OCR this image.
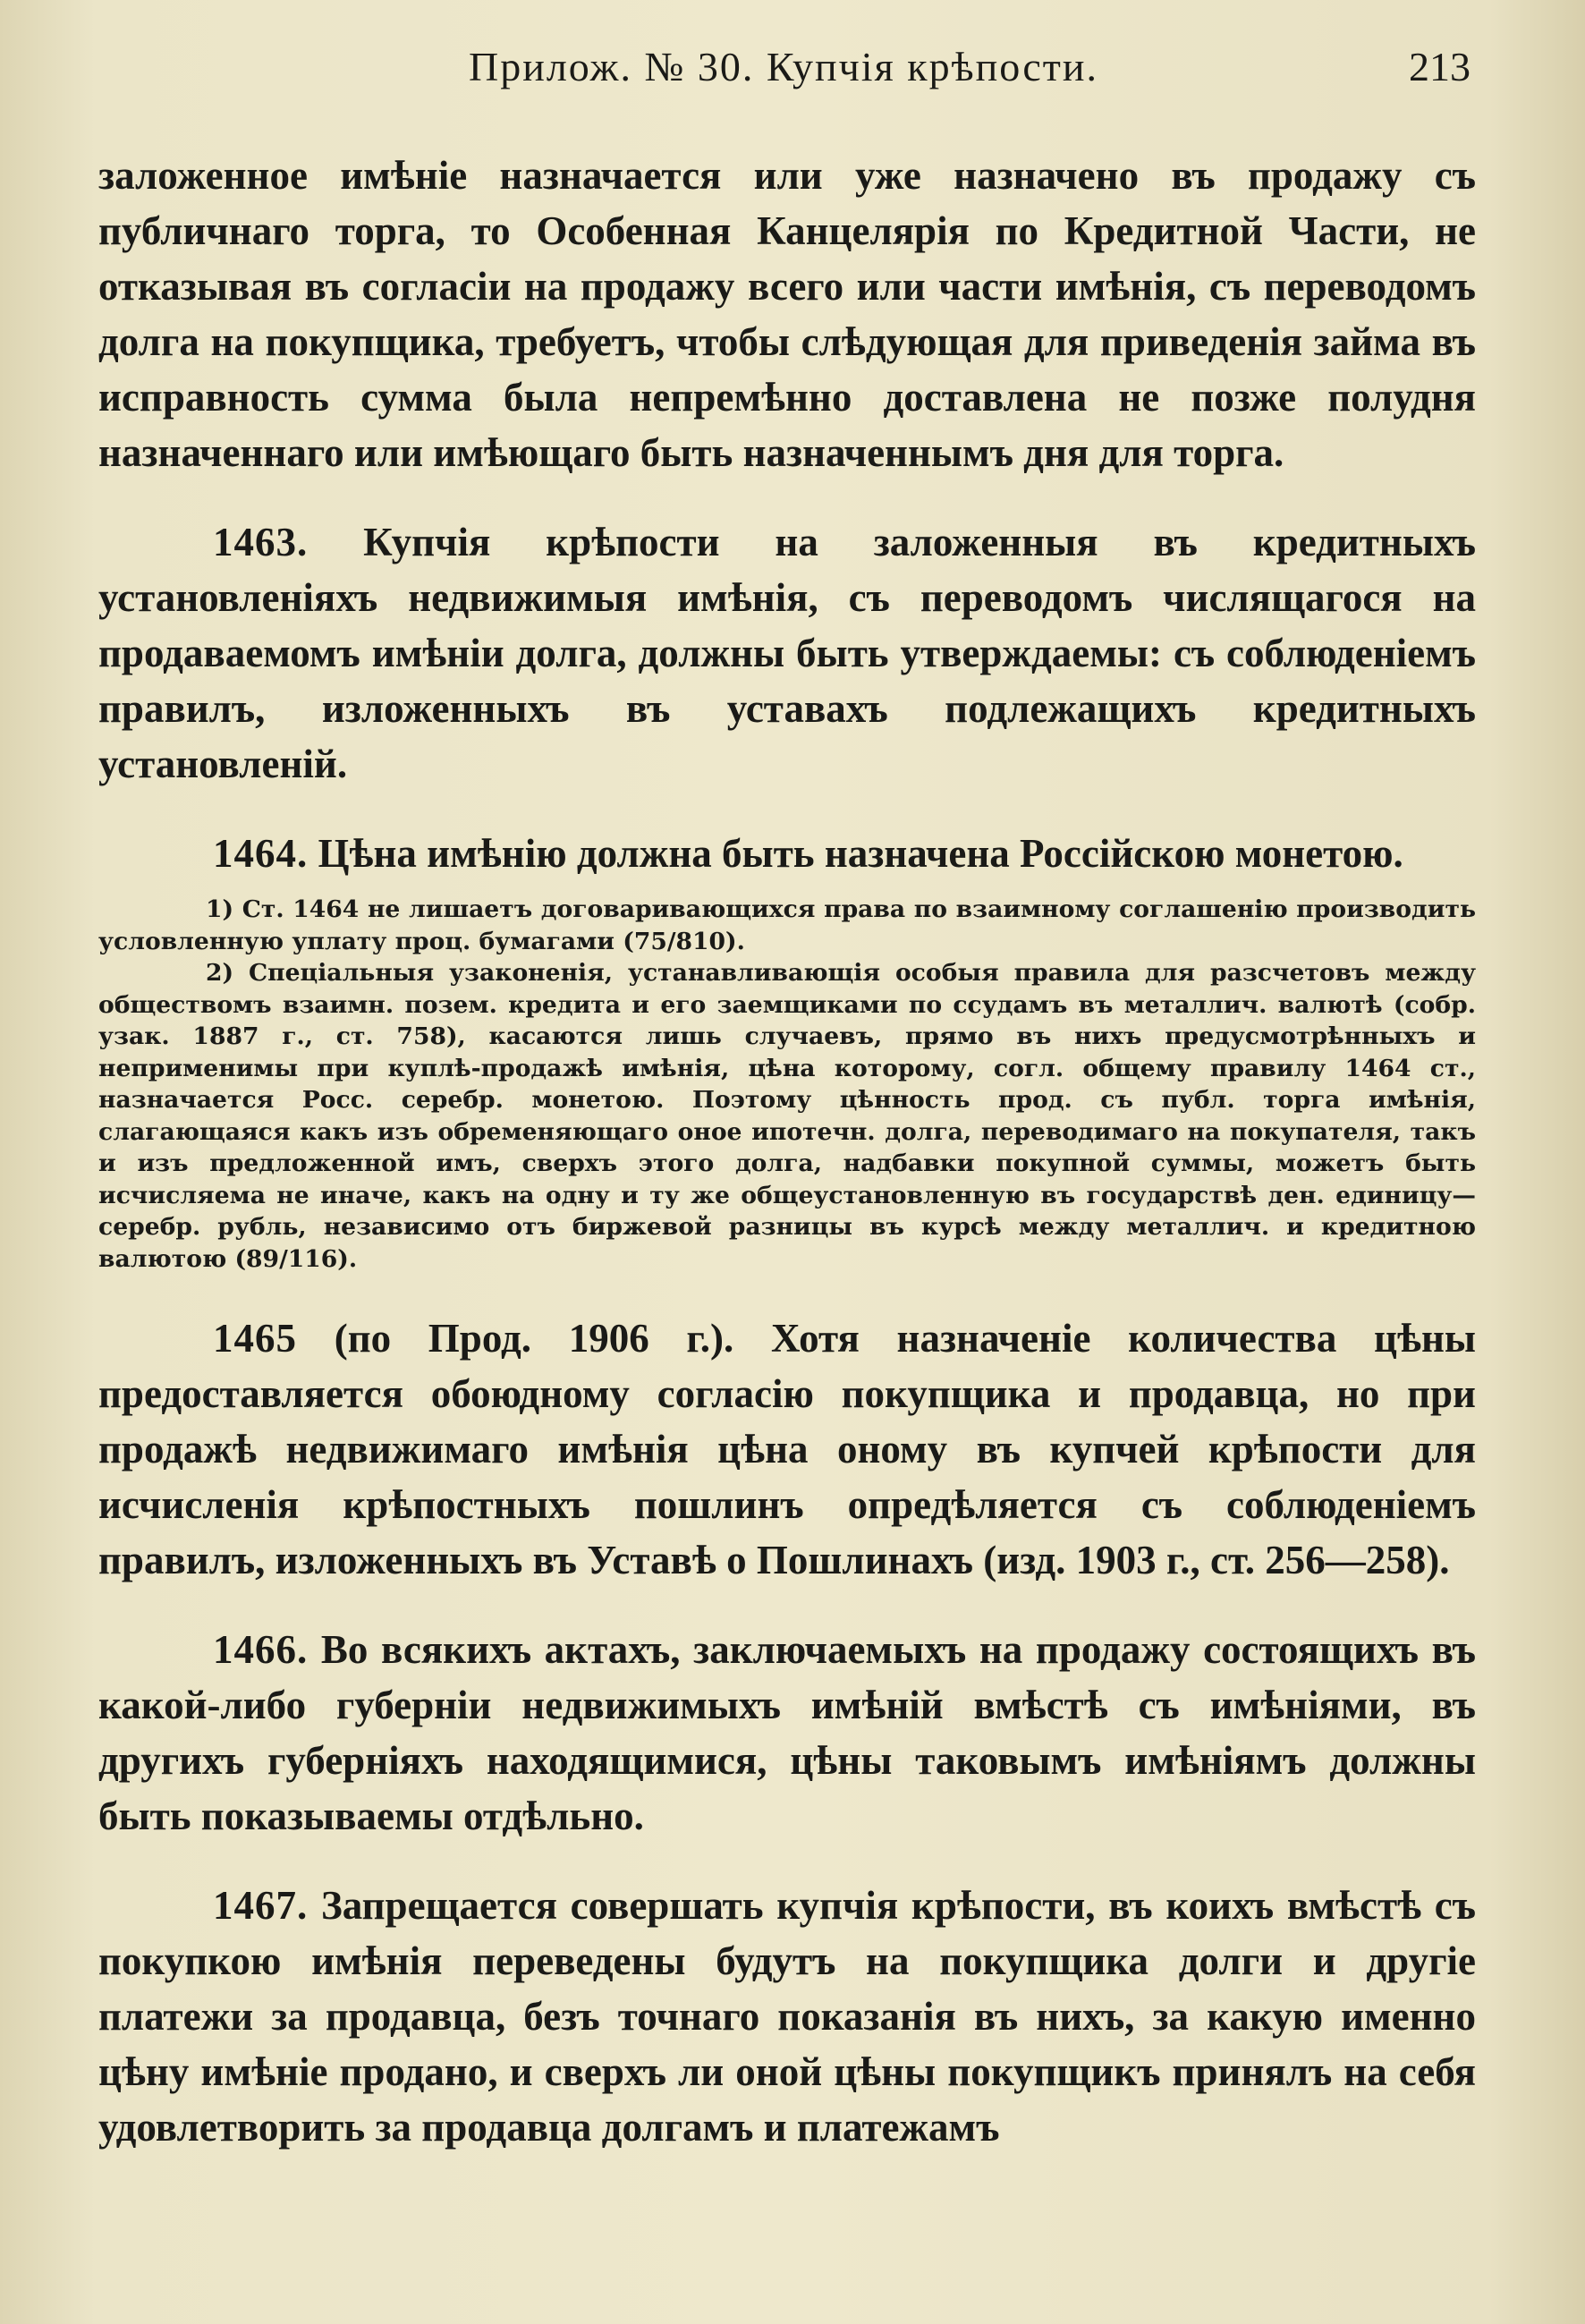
Прилож. № 30. Купчія крѣпости.	213

заложенное имѣніе назначается или уже назначено въ продажу съ публичнаго торга, то Особенная Канцелярія по Кредитной Части, не отказывая въ согласіи на продажу всего или части имѣнія, съ переводомъ долга на покупщика, требуетъ, чтобы слѣдующая для приведенія займа въ исправность сумма была непремѣнно доставлена не позже полудня назначеннаго или имѣющаго быть назначеннымъ дня для торга.

1463. Купчія крѣпости на заложенныя въ кредитныхъ установленіяхъ недвижимыя имѣнія, съ переводомъ числящагося на продаваемомъ имѣніи долга, должны быть утверждаемы: съ соблюденіемъ правилъ, изложенныхъ въ уставахъ подлежащихъ кредитныхъ установленій.

1464. Цѣна имѣнію должна быть назначена Россійскою монетою.

1) Ст. 1464 не лишаетъ договаривающихся права по взаимному соглашенію производить условленную уплату проц. бумагами (75/810).

2) Спеціальныя узаконенія, устанавливающія особыя правила для разсчетовъ между обществомъ взаимн. позем. кредита и его заемщиками по ссудамъ въ металлич. валютѣ (собр. узак. 1887 г., ст. 758), касаются лишь случаевъ, прямо въ нихъ предусмотрѣнныхъ и неприменимы при куплѣ-продажѣ имѣнія, цѣна которому, согл. общему правилу 1464 ст., назначается Росс. серебр. монетою. Поэтому цѣнность прод. съ публ. торга имѣнія, слагающаяся какъ изъ обременяющаго оное ипотечн. долга, переводимаго на покупателя, такъ и изъ предложенной имъ, сверхъ этого долга, надбавки покупной суммы, можетъ быть исчисляема не иначе, какъ на одну и ту же общеустановленную въ государствѣ ден. единицу—серебр. рубль, независимо отъ биржевой разницы въ курсѣ между металлич. и кредитною валютою (89/116).

1465 (по Прод. 1906 г.). Хотя назначеніе количества цѣны предоставляется обоюдному согласію покупщика и продавца, но при продажѣ недвижимаго имѣнія цѣна оному въ купчей крѣпости для исчисленія крѣпостныхъ пошлинъ опредѣляется съ соблюденіемъ правилъ, изложенныхъ въ Уставѣ о Пошлинахъ (изд. 1903 г., ст. 256—258).

1466. Во всякихъ актахъ, заключаемыхъ на продажу состоящихъ въ какой-либо губерніи недвижимыхъ имѣній вмѣстѣ съ имѣніями, въ другихъ губерніяхъ находящимися, цѣны таковымъ имѣніямъ должны быть показываемы отдѣльно.

1467. Запрещается совершать купчія крѣпости, въ коихъ вмѣстѣ съ покупкою имѣнія переведены будутъ на покупщика долги и другіе платежи за продавца, безъ точнаго показанія въ нихъ, за какую именно цѣну имѣніе продано, и сверхъ ли оной цѣны покупщикъ принялъ на себя удовлетворить за продавца долгамъ и платежамъ
